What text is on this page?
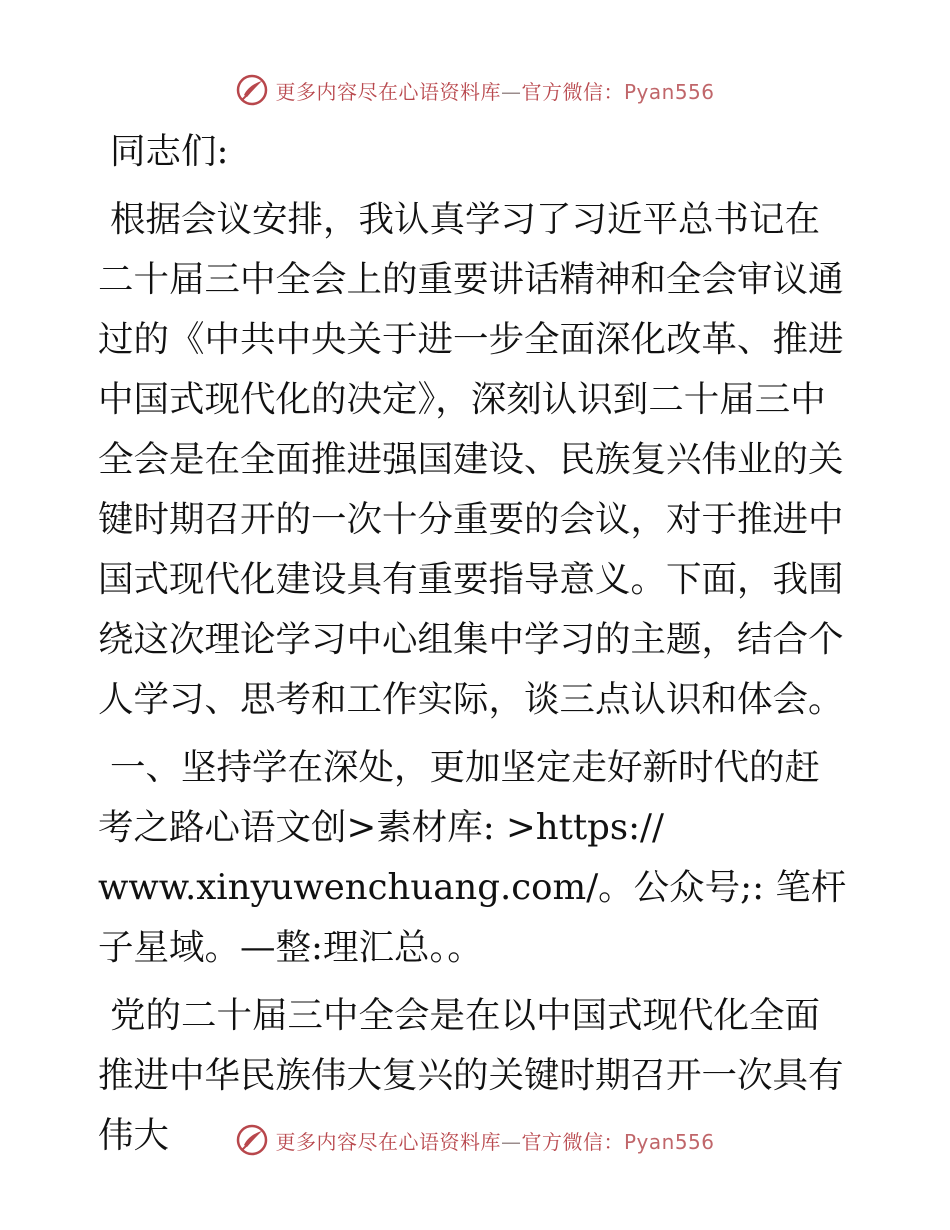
更多内容尽在心语资料库—官方微信：Pyan556

同志们:

根据会议安排，我认真学习了习近平总书记在二十届三中全会上的重要讲话精神和全会审议通过的《中共中央关于进一步全面深化改革、推进中国式现代化的决定》，深刻认识到二十届三中全会是在全面推进强国建设、民族复兴伟业的关键时期召开的一次十分重要的会议，对于推进中国式现代化建设具有重要指导意义。下面，我围绕这次理论学习中心组集中学习的主题，结合个人学习、思考和工作实际，谈三点认识和体会。

一、坚持学在深处，更加坚定走好新时代的赶考之路心语文创>素材库: >https://
www.xinyuwenchuang.com/。公众号;: 笔杆子星域。—整:理汇总。。

党的二十届三中全会是在以中国式现代化全面推进中华民族伟大复兴的关键时期召开一次具有伟大	更多内容尽在心语资料库—官方微信：Pyan556
